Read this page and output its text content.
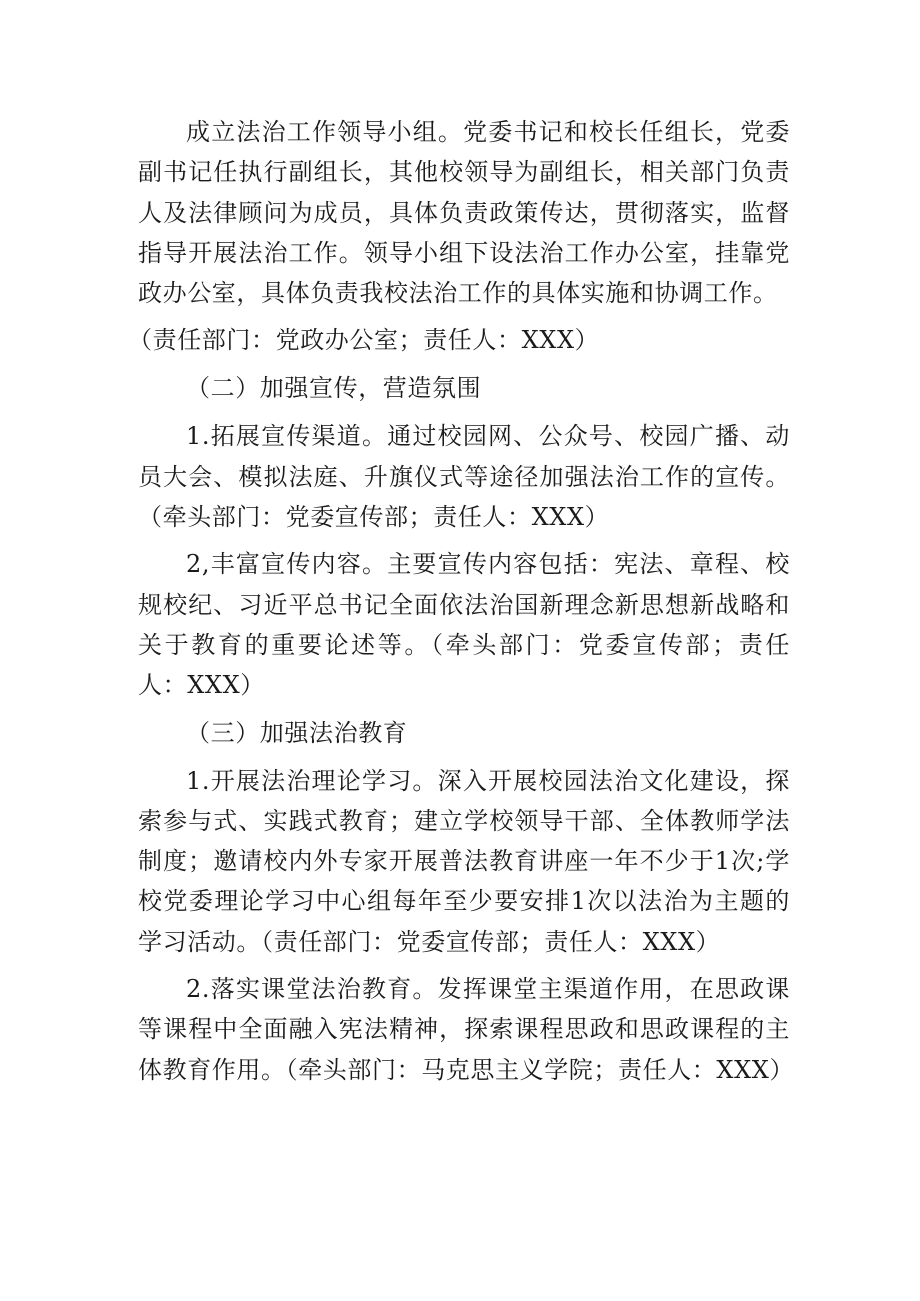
成立法治工作领导小组。党委书记和校长任组长，党委副书记任执行副组长，其他校领导为副组长，相关部门负责人及法律顾问为成员，具体负责政策传达，贯彻落实，监督指导开展法治工作。领导小组下设法治工作办公室，挂靠党政办公室，具体负责我校法治工作的具体实施和协调工作。

（责任部门：党政办公室；责任人：XXX）

（二）加强宣传，营造氛围

1.拓展宣传渠道。通过校园网、公众号、校园广播、动员大会、模拟法庭、升旗仪式等途径加强法治工作的宣传。（牵头部门：党委宣传部；责任人：XXX）

2,丰富宣传内容。主要宣传内容包括：宪法、章程、校规校纪、习近平总书记全面依法治国新理念新思想新战略和关于教育的重要论述等。（牵头部门：党委宣传部；责任人：XXX）

（三）加强法治教育

1.开展法治理论学习。深入开展校园法治文化建设，探索参与式、实践式教育；建立学校领导干部、全体教师学法制度；邀请校内外专家开展普法教育讲座一年不少于1次;学校党委理论学习中心组每年至少要安排1次以法治为主题的学习活动。（责任部门：党委宣传部；责任人：XXX）

2.落实课堂法治教育。发挥课堂主渠道作用，在思政课等课程中全面融入宪法精神，探索课程思政和思政课程的主体教育作用。（牵头部门：马克思主义学院；责任人：XXX）
